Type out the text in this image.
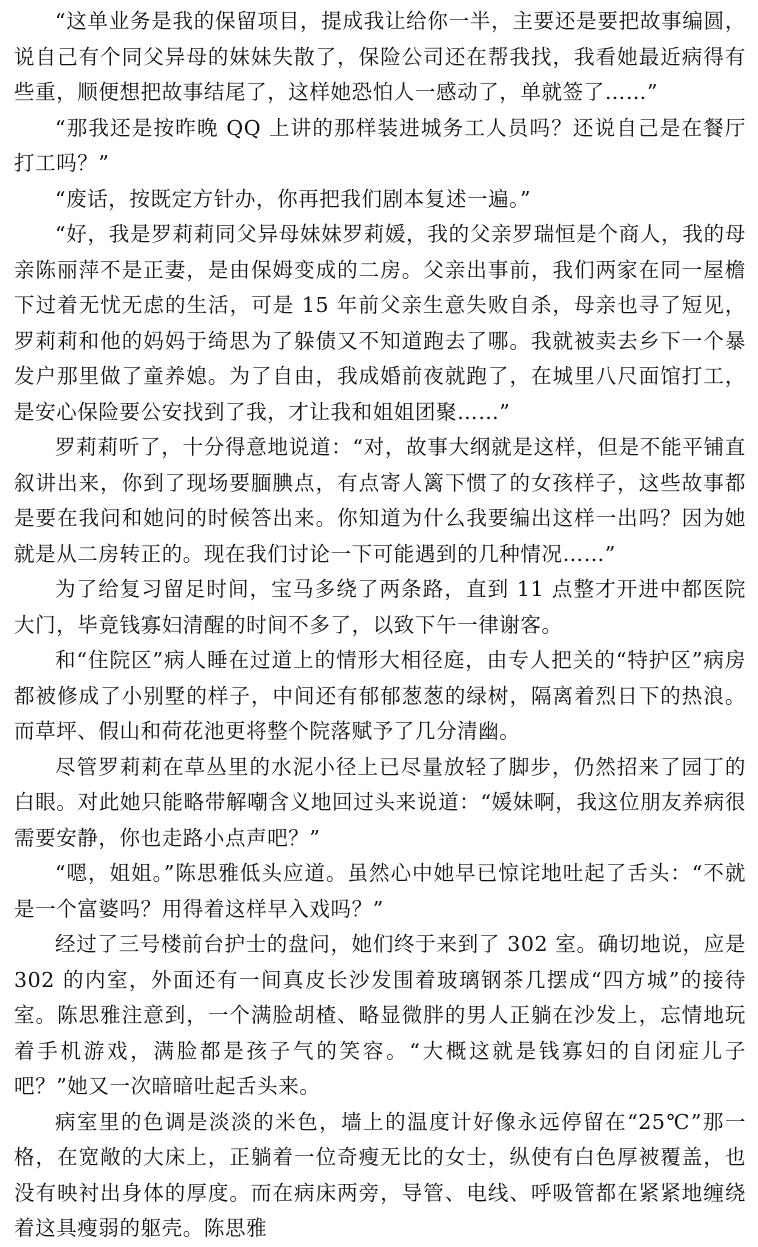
“这单业务是我的保留项目，提成我让给你一半，主要还是要把故事编圆，说自己有个同父异母的妹妹失散了，保险公司还在帮我找，我看她最近病得有些重，顺便想把故事结尾了，这样她恐怕人一感动了，单就签了……”

“那我还是按昨晚 QQ 上讲的那样装进城务工人员吗？还说自己是在餐厅打工吗？”

“废话，按既定方针办，你再把我们剧本复述一遍。”

“好，我是罗莉莉同父异母妹妹罗莉媛，我的父亲罗瑞恒是个商人，我的母亲陈丽萍不是正妻，是由保姆变成的二房。父亲出事前，我们两家在同一屋檐下过着无忧无虑的生活，可是 15 年前父亲生意失败自杀，母亲也寻了短见，罗莉莉和他的妈妈于绮思为了躲债又不知道跑去了哪。我就被卖去乡下一个暴发户那里做了童养媳。为了自由，我成婚前夜就跑了，在城里八尺面馆打工，是安心保险要公安找到了我，才让我和姐姐团聚……”

罗莉莉听了，十分得意地说道：“对，故事大纲就是这样，但是不能平铺直叙讲出来，你到了现场要腼腆点，有点寄人篱下惯了的女孩样子，这些故事都是要在我问和她问的时候答出来。你知道为什么我要编出这样一出吗？因为她就是从二房转正的。现在我们讨论一下可能遇到的几种情况……”

为了给复习留足时间，宝马多绕了两条路，直到 11 点整才开进中都医院大门，毕竟钱寡妇清醒的时间不多了，以致下午一律谢客。

和“住院区”病人睡在过道上的情形大相径庭，由专人把关的“特护区”病房都被修成了小别墅的样子，中间还有郁郁葱葱的绿树，隔离着烈日下的热浪。而草坪、假山和荷花池更将整个院落赋予了几分清幽。

尽管罗莉莉在草丛里的水泥小径上已尽量放轻了脚步，仍然招来了园丁的白眼。对此她只能略带解嘲含义地回过头来说道：“媛妹啊，我这位朋友养病很需要安静，你也走路小点声吧？”

“嗯，姐姐。”陈思雅低头应道。虽然心中她早已惊诧地吐起了舌头：“不就是一个富婆吗？用得着这样早入戏吗？”

经过了三号楼前台护士的盘问，她们终于来到了 302 室。确切地说，应是 302 的内室，外面还有一间真皮长沙发围着玻璃钢茶几摆成“四方城”的接待室。陈思雅注意到，一个满脸胡楂、略显微胖的男人正躺在沙发上，忘情地玩着手机游戏，满脸都是孩子气的笑容。“大概这就是钱寡妇的自闭症儿子吧？”她又一次暗暗吐起舌头来。

病室里的色调是淡淡的米色，墙上的温度计好像永远停留在“25℃”那一格，在宽敞的大床上，正躺着一位奇瘦无比的女士，纵使有白色厚被覆盖，也没有映衬出身体的厚度。而在病床两旁，导管、电线、呼吸管都在紧紧地缠绕着这具瘦弱的躯壳。陈思雅
